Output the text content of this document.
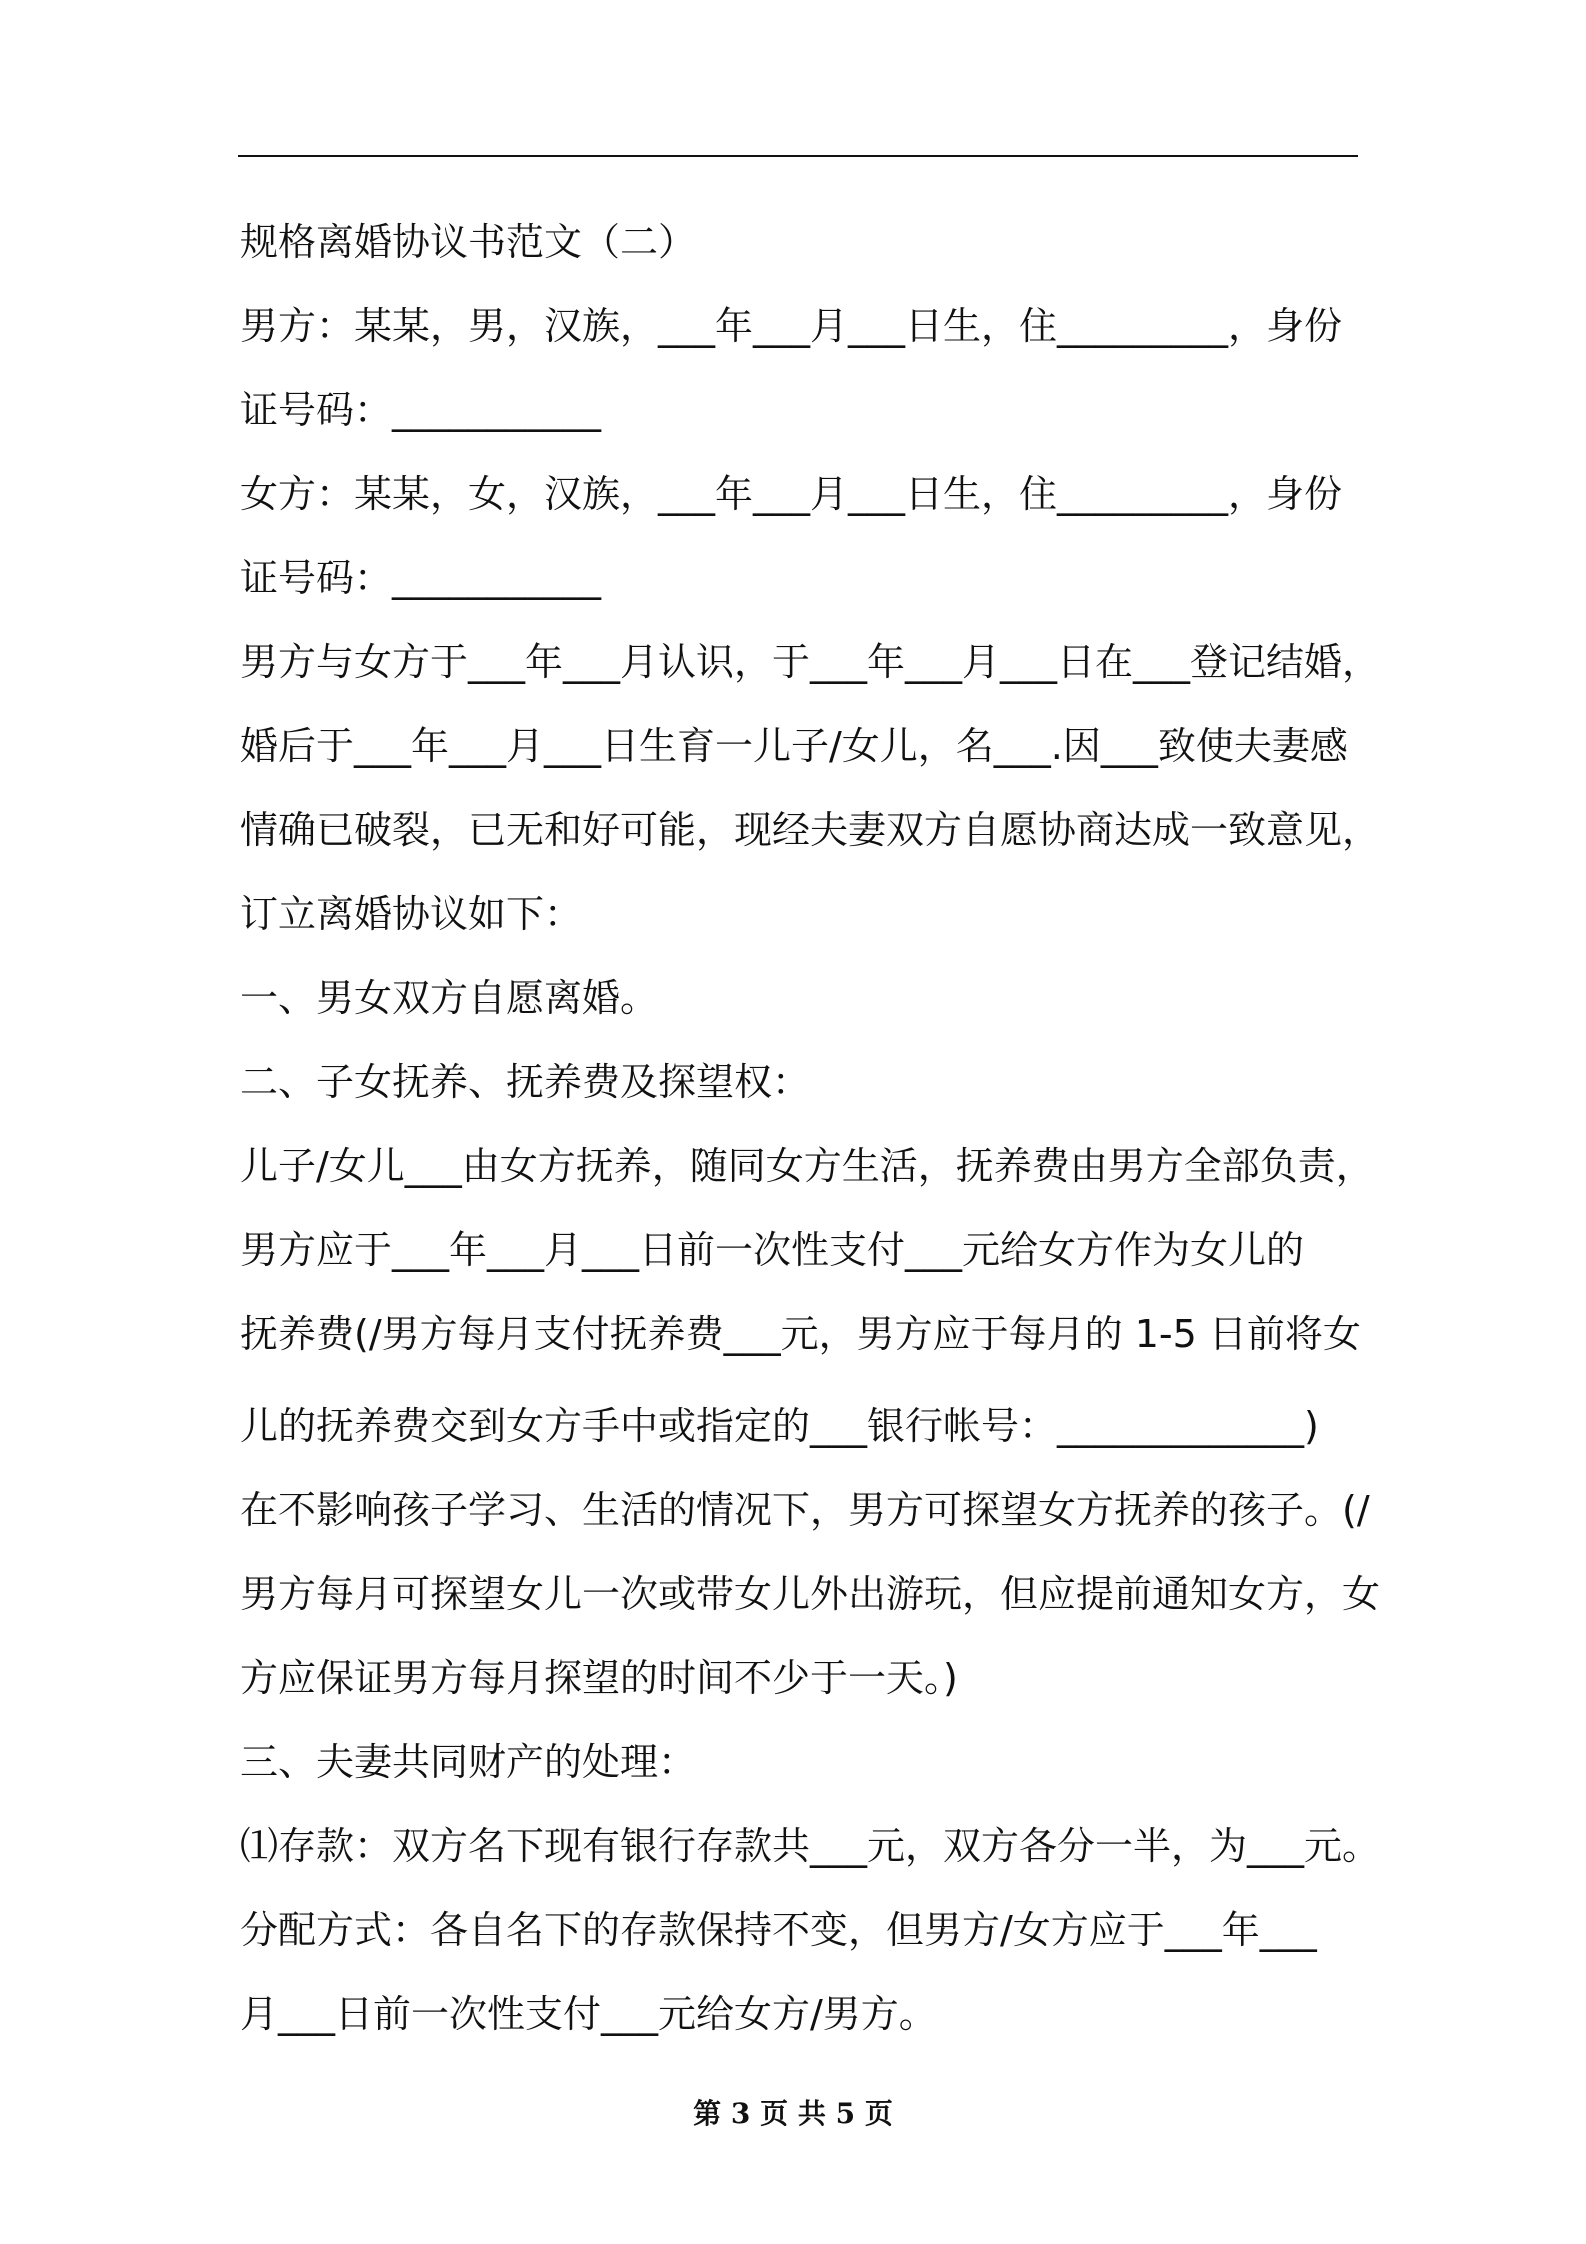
规格离婚协议书范文（二）
男方：某某，男，汉族，___年___月___日生，住_________，身份
证号码：___________
女方：某某，女，汉族，___年___月___日生，住_________，身份
证号码：___________
男方与女方于___年___月认识，于___年___月___日在___登记结婚，
婚后于___年___月___日生育一儿子/女儿，名___.因___致使夫妻感
情确已破裂，已无和好可能，现经夫妻双方自愿协商达成一致意见，
订立离婚协议如下：
一、男女双方自愿离婚。
二、子女抚养、抚养费及探望权：
儿子/女儿___由女方抚养，随同女方生活，抚养费由男方全部负责，
男方应于___年___月___日前一次性支付___元给女方作为女儿的
抚养费(/男方每月支付抚养费___元，男方应于每月的 1-5 日前将女
儿的抚养费交到女方手中或指定的___银行帐号：_____________)
在不影响孩子学习、生活的情况下，男方可探望女方抚养的孩子。(/
男方每月可探望女儿一次或带女儿外出游玩，但应提前通知女方，女
方应保证男方每月探望的时间不少于一天。)
三、夫妻共同财产的处理：
⑴存款：双方名下现有银行存款共___元，双方各分一半，为___元。
分配方式：各自名下的存款保持不变，但男方/女方应于___年___
月___日前一次性支付___元给女方/男方。
第 3 页 共 5 页
